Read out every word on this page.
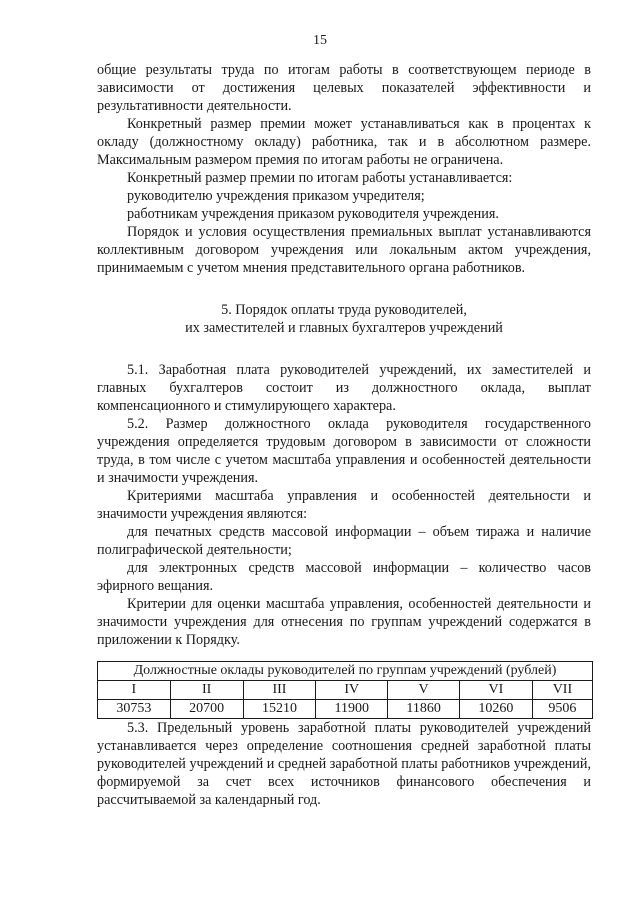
15

общие результаты труда по итогам работы в соответствующем периоде в зависимости от достижения целевых показателей эффективности и результативности деятельности.

Конкретный размер премии может устанавливаться как в процентах к окладу (должностному окладу) работника, так и в абсолютном размере. Максимальным размером премия по итогам работы не ограничена.

Конкретный размер премии по итогам работы устанавливается:

руководителю учреждения приказом учредителя;

работникам учреждения приказом руководителя учреждения.

Порядок и условия осуществления премиальных выплат устанавливаются коллективным договором учреждения или локальным актом учреждения, принимаемым с учетом мнения представительного органа работников.

5. Порядок оплаты труда руководителей,
их заместителей и главных бухгалтеров учреждений

5.1. Заработная плата руководителей учреждений, их заместителей и главных бухгалтеров состоит из должностного оклада, выплат компенсационного и стимулирующего характера.

5.2. Размер должностного оклада руководителя государственного учреждения определяется трудовым договором в зависимости от сложности труда, в том числе с учетом масштаба управления и особенностей деятельности и значимости учреждения.

Критериями масштаба управления и особенностей деятельности и значимости учреждения являются:

для печатных средств массовой информации – объем тиража и наличие полиграфической деятельности;

для электронных средств массовой информации – количество часов эфирного вещания.

Критерии для оценки масштаба управления, особенностей деятельности и значимости учреждения для отнесения по группам учреждений содержатся в приложении к Порядку.

Должностные оклады руководителей по группам учреждений (рублей)						
I	II	III	IV	V	VI	VII
30753	20700	15210	11900	11860	10260	9506

5.3. Предельный уровень заработной платы руководителей учреждений устанавливается через определение соотношения средней заработной платы руководителей учреждений и средней заработной платы работников учреждений, формируемой за счет всех источников финансового обеспечения и рассчитываемой за календарный год.
